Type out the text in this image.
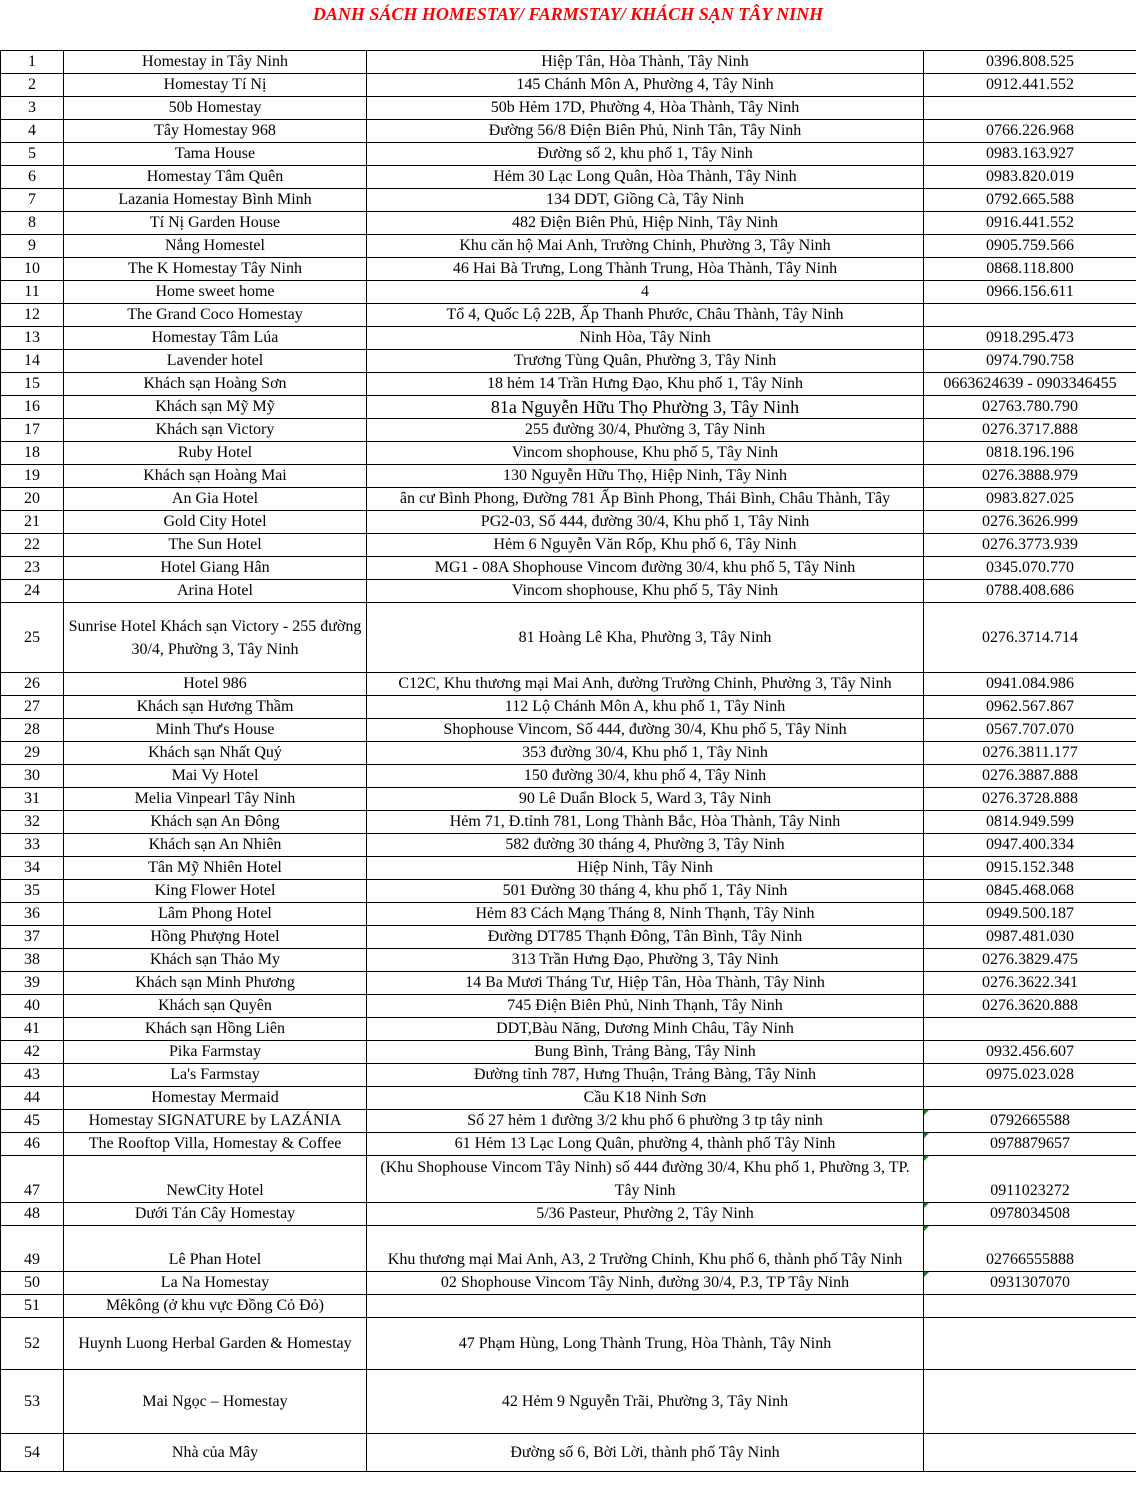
DANH SÁCH HOMESTAY/ FARMSTAY/ KHÁCH SẠN TÂY NINH
1	Homestay in Tây Ninh	Hiệp Tân, Hòa Thành, Tây Ninh	0396.808.525
2	Homestay Tí Nị	145 Chánh Môn A, Phường 4, Tây Ninh	0912.441.552
3	50b Homestay	50b Hẻm 17D, Phường 4, Hòa Thành, Tây Ninh	
4	Tây Homestay 968	Đường 56/8 Điện Biên Phủ, Ninh Tân, Tây Ninh	0766.226.968
5	Tama House	Đường số 2, khu phố 1, Tây Ninh	0983.163.927
6	Homestay Tâm Quên	Hẻm 30 Lạc Long Quân, Hòa Thành, Tây Ninh	0983.820.019
7	Lazania Homestay Bình Minh	134 DDT, Giồng Cà, Tây Ninh	0792.665.588
8	Tí Nị Garden House	482 Điện Biên Phủ, Hiệp Ninh, Tây Ninh	0916.441.552
9	Nắng Homestel	Khu căn hộ Mai Anh, Trường Chinh, Phường 3, Tây Ninh	0905.759.566
10	The K Homestay Tây Ninh	46 Hai Bà Trưng, Long Thành Trung, Hòa Thành, Tây Ninh	0868.118.800
11	Home sweet home	4	0966.156.611
12	The Grand Coco Homestay	Tổ 4, Quốc Lộ 22B, Ấp Thanh Phước, Châu Thành, Tây Ninh	
13	Homestay Tâm Lúa	Ninh Hòa, Tây Ninh	0918.295.473
14	Lavender hotel	Trương Tùng Quân, Phường 3, Tây Ninh	0974.790.758
15	Khách sạn Hoàng Sơn	18 hẻm 14 Trần Hưng Đạo, Khu phố 1, Tây Ninh	0663624639 - 0903346455
16	Khách sạn Mỹ Mỹ	81a Nguyễn Hữu Thọ Phường 3, Tây Ninh	02763.780.790
17	Khách sạn Victory	255 đường 30/4, Phường 3, Tây Ninh	0276.3717.888
18	Ruby Hotel	Vincom shophouse, Khu phố 5, Tây Ninh	0818.196.196
19	Khách sạn Hoàng Mai	130 Nguyễn Hữu Thọ, Hiệp Ninh, Tây Ninh	0276.3888.979
20	An Gia Hotel	ân cư Bình Phong, Đường 781 Ấp Bình Phong, Thái Bình, Châu Thành, Tây	0983.827.025
21	Gold City Hotel	PG2-03, Số 444, đường 30/4, Khu phố 1, Tây Ninh	0276.3626.999
22	The Sun Hotel	Hẻm 6 Nguyễn Văn Rốp, Khu phố 6, Tây Ninh	0276.3773.939
23	Hotel Giang Hân	MG1 - 08A Shophouse Vincom đường 30/4, khu phố 5, Tây Ninh	0345.070.770
24	Arina Hotel	Vincom shophouse, Khu phố 5, Tây Ninh	0788.408.686
25	Sunrise Hotel Khách sạn Victory - 255 đường 30/4, Phường 3, Tây Ninh	81 Hoàng Lê Kha, Phường 3, Tây Ninh	0276.3714.714
26	Hotel 986	C12C, Khu thương mại Mai Anh, đường Trường Chinh, Phường 3, Tây Ninh	0941.084.986
27	Khách sạn Hương Thầm	112 Lộ Chánh Môn A, khu phố 1, Tây Ninh	0962.567.867
28	Minh Thư's House	Shophouse Vincom, Số 444, đường 30/4, Khu phố 5, Tây Ninh	0567.707.070
29	Khách sạn Nhất Quý	353 đường 30/4, Khu phố 1, Tây Ninh	0276.3811.177
30	Mai Vy Hotel	150 đường 30/4, khu phố 4, Tây Ninh	0276.3887.888
31	Melia Vinpearl Tây Ninh	90 Lê Duẩn Block 5, Ward 3, Tây Ninh	0276.3728.888
32	Khách sạn An Đông	Hẻm 71, Đ.tỉnh 781, Long Thành Bắc, Hòa Thành, Tây Ninh	0814.949.599
33	Khách sạn An Nhiên	582 đường 30 tháng 4, Phường 3, Tây Ninh	0947.400.334
34	Tân Mỹ Nhiên Hotel	Hiệp Ninh, Tây Ninh	0915.152.348
35	King Flower Hotel	501 Đường 30 tháng 4, khu phố 1, Tây Ninh	0845.468.068
36	Lâm Phong Hotel	Hẻm 83 Cách Mạng Tháng 8, Ninh Thạnh, Tây Ninh	0949.500.187
37	Hồng Phượng Hotel	Đường DT785 Thạnh Đông, Tân Bình, Tây Ninh	0987.481.030
38	Khách sạn Thảo My	313 Trần Hưng Đạo, Phường 3, Tây Ninh	0276.3829.475
39	Khách sạn Minh Phương	14 Ba Mươi Tháng Tư, Hiệp Tân, Hòa Thành, Tây Ninh	0276.3622.341
40	Khách sạn Quyên	745 Điện Biên Phủ, Ninh Thạnh, Tây Ninh	0276.3620.888
41	Khách sạn Hồng Liên	DDT,Bàu Năng, Dương Minh Châu, Tây Ninh	
42	Pika Farmstay	Bung Bình, Trảng Bàng, Tây Ninh	0932.456.607
43	La's Farmstay	Đường tỉnh 787, Hưng Thuận, Trảng Bàng, Tây Ninh	0975.023.028
44	Homestay Mermaid	Cầu K18 Ninh Sơn	
45	Homestay SIGNATURE by LAZÁNIA	Số 27 hẻm 1 đường 3/2 khu phố 6 phường 3 tp tây ninh	0792665588
46	The Rooftop Villa, Homestay & Coffee	61 Hẻm 13 Lạc Long Quân, phường 4, thành phố Tây Ninh	0978879657
47	NewCity Hotel	(Khu Shophouse Vincom Tây Ninh) số 444 đường 30/4, Khu phố 1, Phường 3, TP. Tây Ninh	0911023272
48	Dưới Tán Cây Homestay	5/36 Pasteur, Phường 2, Tây Ninh	0978034508
49	Lê Phan Hotel	Khu thương mại Mai Anh, A3, 2 Trường Chinh, Khu phố 6, thành phố Tây Ninh	02766555888
50	La Na Homestay	02 Shophouse Vincom Tây Ninh, đường 30/4, P.3, TP Tây Ninh	0931307070
51	Mêkông (ở khu vực Đồng Cỏ Đỏ)		
52	Huynh Luong Herbal Garden & Homestay	47 Phạm Hùng, Long Thành Trung, Hòa Thành, Tây Ninh	
53	Mai Ngọc – Homestay	42 Hẻm 9 Nguyễn Trãi, Phường 3, Tây Ninh	
54	Nhà của Mây	Đường số 6, Bời Lời, thành phố Tây Ninh	
